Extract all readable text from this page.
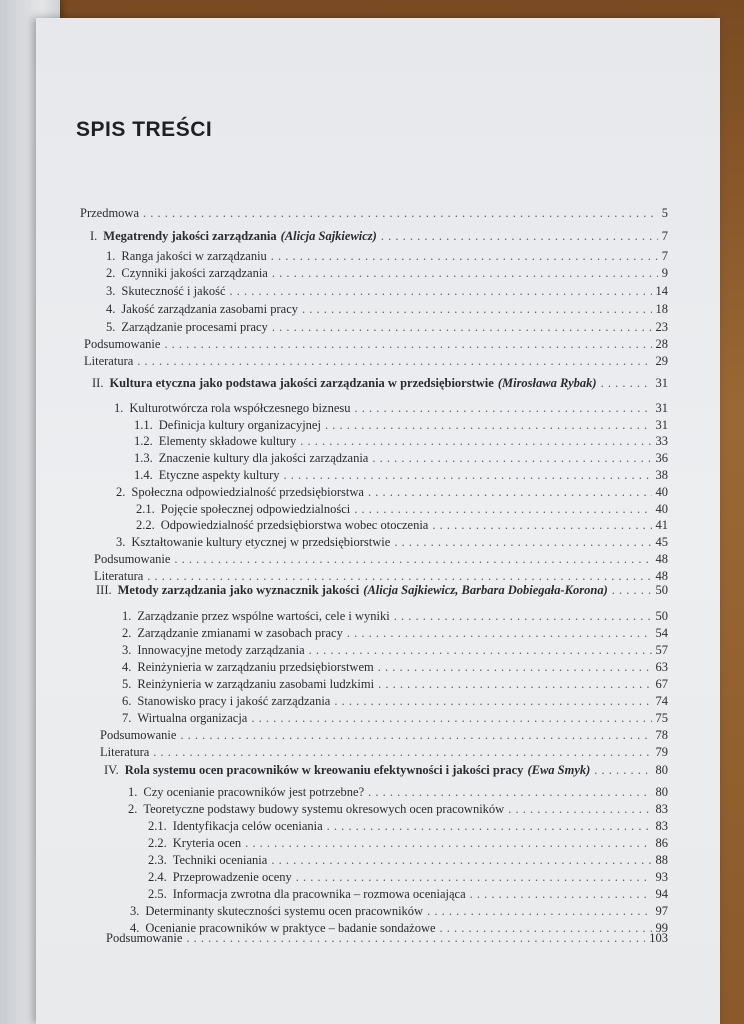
SPIS TREŚCI
Przedmowa . . .	5
I. Megatrendy jakości zarządzania (Alicja Sajkiewicz) . . .	7
1. Ranga jakości w zarządzaniu . . .	7
2. Czynniki jakości zarządzania . . .	9
3. Skuteczność i jakość . . .	14
4. Jakość zarządzania zasobami pracy . . .	18
5. Zarządzanie procesami pracy . . .	23
Podsumowanie . . .	28
Literatura . . .	29
II. Kultura etyczna jako podstawa jakości zarządzania w przedsiębiorstwie (Mirosława Rybak) . . .	31
1. Kulturotwórcza rola współczesnego biznesu . . .	31
1.1. Definicja kultury organizacyjnej . . .	31
1.2. Elementy składowe kultury . . .	33
1.3. Znaczenie kultury dla jakości zarządzania . . .	36
1.4. Etyczne aspekty kultury . . .	38
2. Społeczna odpowiedzialność przedsiębiorstwa . . .	40
2.1. Pojęcie społecznej odpowiedzialności . . .	40
2.2. Odpowiedzialność przedsiębiorstwa wobec otoczenia . . .	41
3. Kształtowanie kultury etycznej w przedsiębiorstwie . . .	45
Podsumowanie . . .	48
Literatura . . .	48
III. Metody zarządzania jako wyznacznik jakości (Alicja Sajkiewicz, Barbara Dobiegała-Korona) . . .	50
1. Zarządzanie przez wspólne wartości, cele i wyniki . . .	50
2. Zarządzanie zmianami w zasobach pracy . . .	54
3. Innowacyjne metody zarządzania . . .	57
4. Reinżynieria w zarządzaniu przedsiębiorstwem . . .	63
5. Reinżynieria w zarządzaniu zasobami ludzkimi . . .	67
6. Stanowisko pracy i jakość zarządzania . . .	74
7. Wirtualna organizacja . . .	75
Podsumowanie . . .	78
Literatura . . .	79
IV. Rola systemu ocen pracowników w kreowaniu efektywności i jakości pracy (Ewa Smyk) . . .	80
1. Czy ocenianie pracowników jest potrzebne? . . .	80
2. Teoretyczne podstawy budowy systemu okresowych ocen pracowników . . .	83
2.1. Identyfikacja celów oceniania . . .	83
2.2. Kryteria ocen . . .	86
2.3. Techniki oceniania . . .	88
2.4. Przeprowadzenie oceny . . .	93
2.5. Informacja zwrotna dla pracownika – rozmowa oceniająca . . .	94
3. Determinanty skuteczności systemu ocen pracowników . . .	97
4. Ocenianie pracowników w praktyce – badanie sondażowe . . .	99
Podsumowanie . . .	103
